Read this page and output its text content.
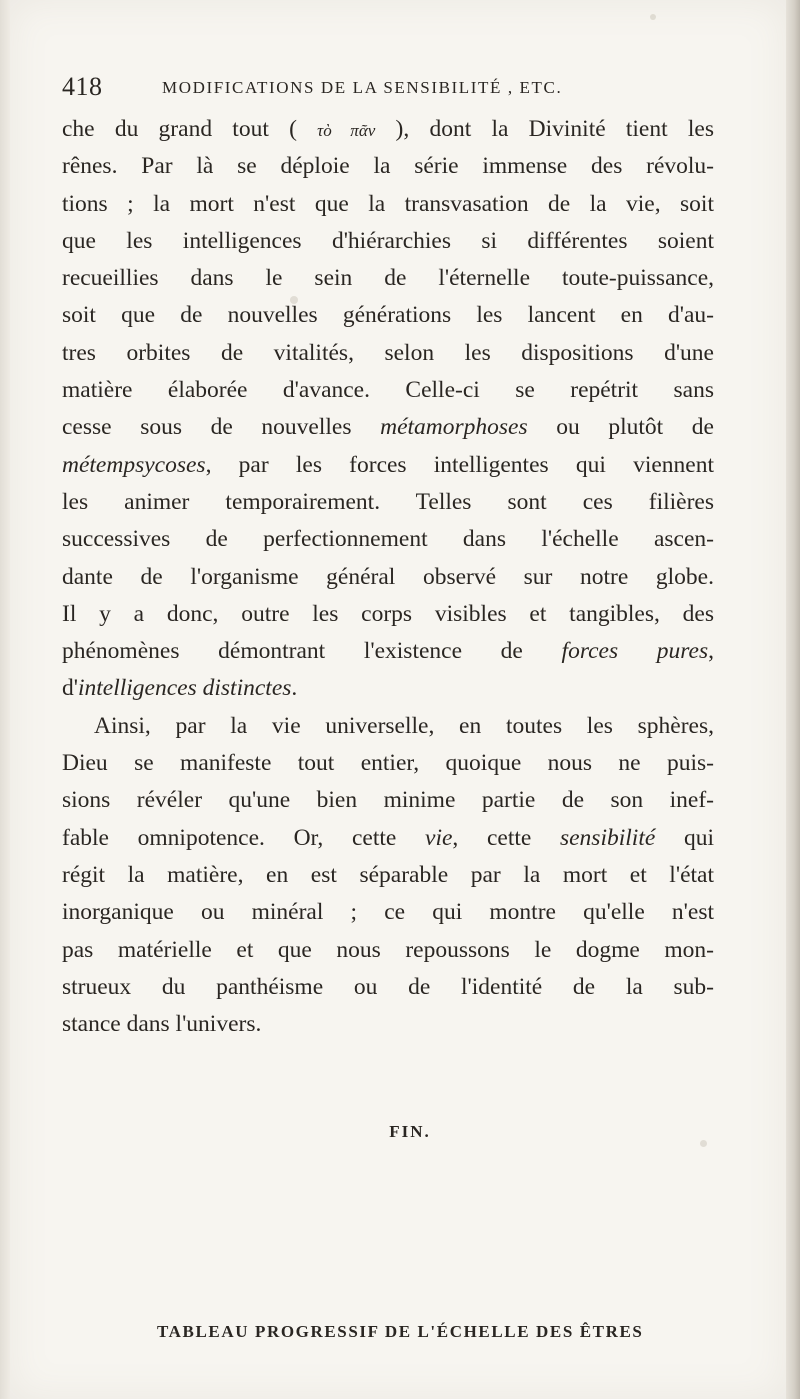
418	MODIFICATIONS DE LA SENSIBILITÉ , ETC.
che du grand tout ( τὸ πᾶν ), dont la Divinité tient les
rênes. Par là se déploie la série immense des révolu-
tions ; la mort n'est que la transvasation de la vie, soit
que les intelligences d'hiérarchies si différentes soient
recueillies dans le sein de l'éternelle toute-puissance,
soit que de nouvelles générations les lancent en d'au-
tres orbites de vitalités, selon les dispositions d'une
matière élaborée d'avance. Celle-ci se repétrit sans
cesse sous de nouvelles métamorphoses ou plutôt de
métempsycoses, par les forces intelligentes qui viennent
les animer temporairement. Telles sont ces filières
successives de perfectionnement dans l'échelle ascen-
dante de l'organisme général observé sur notre globe.
Il y a donc, outre les corps visibles et tangibles, des
phénomènes démontrant l'existence de forces pures,
d'intelligences distinctes.
Ainsi, par la vie universelle, en toutes les sphères,
Dieu se manifeste tout entier, quoique nous ne puis-
sions révéler qu'une bien minime partie de son inef-
fable omnipotence. Or, cette vie, cette sensibilité qui
régit la matière, en est séparable par la mort et l'état
inorganique ou minéral ; ce qui montre qu'elle n'est
pas matérielle et que nous repoussons le dogme mon-
strueux du panthéisme ou de l'identité de la sub-
stance dans l'univers.
FIN.
TABLEAU PROGRESSIF DE L'ÉCHELLE DES ÊTRES
